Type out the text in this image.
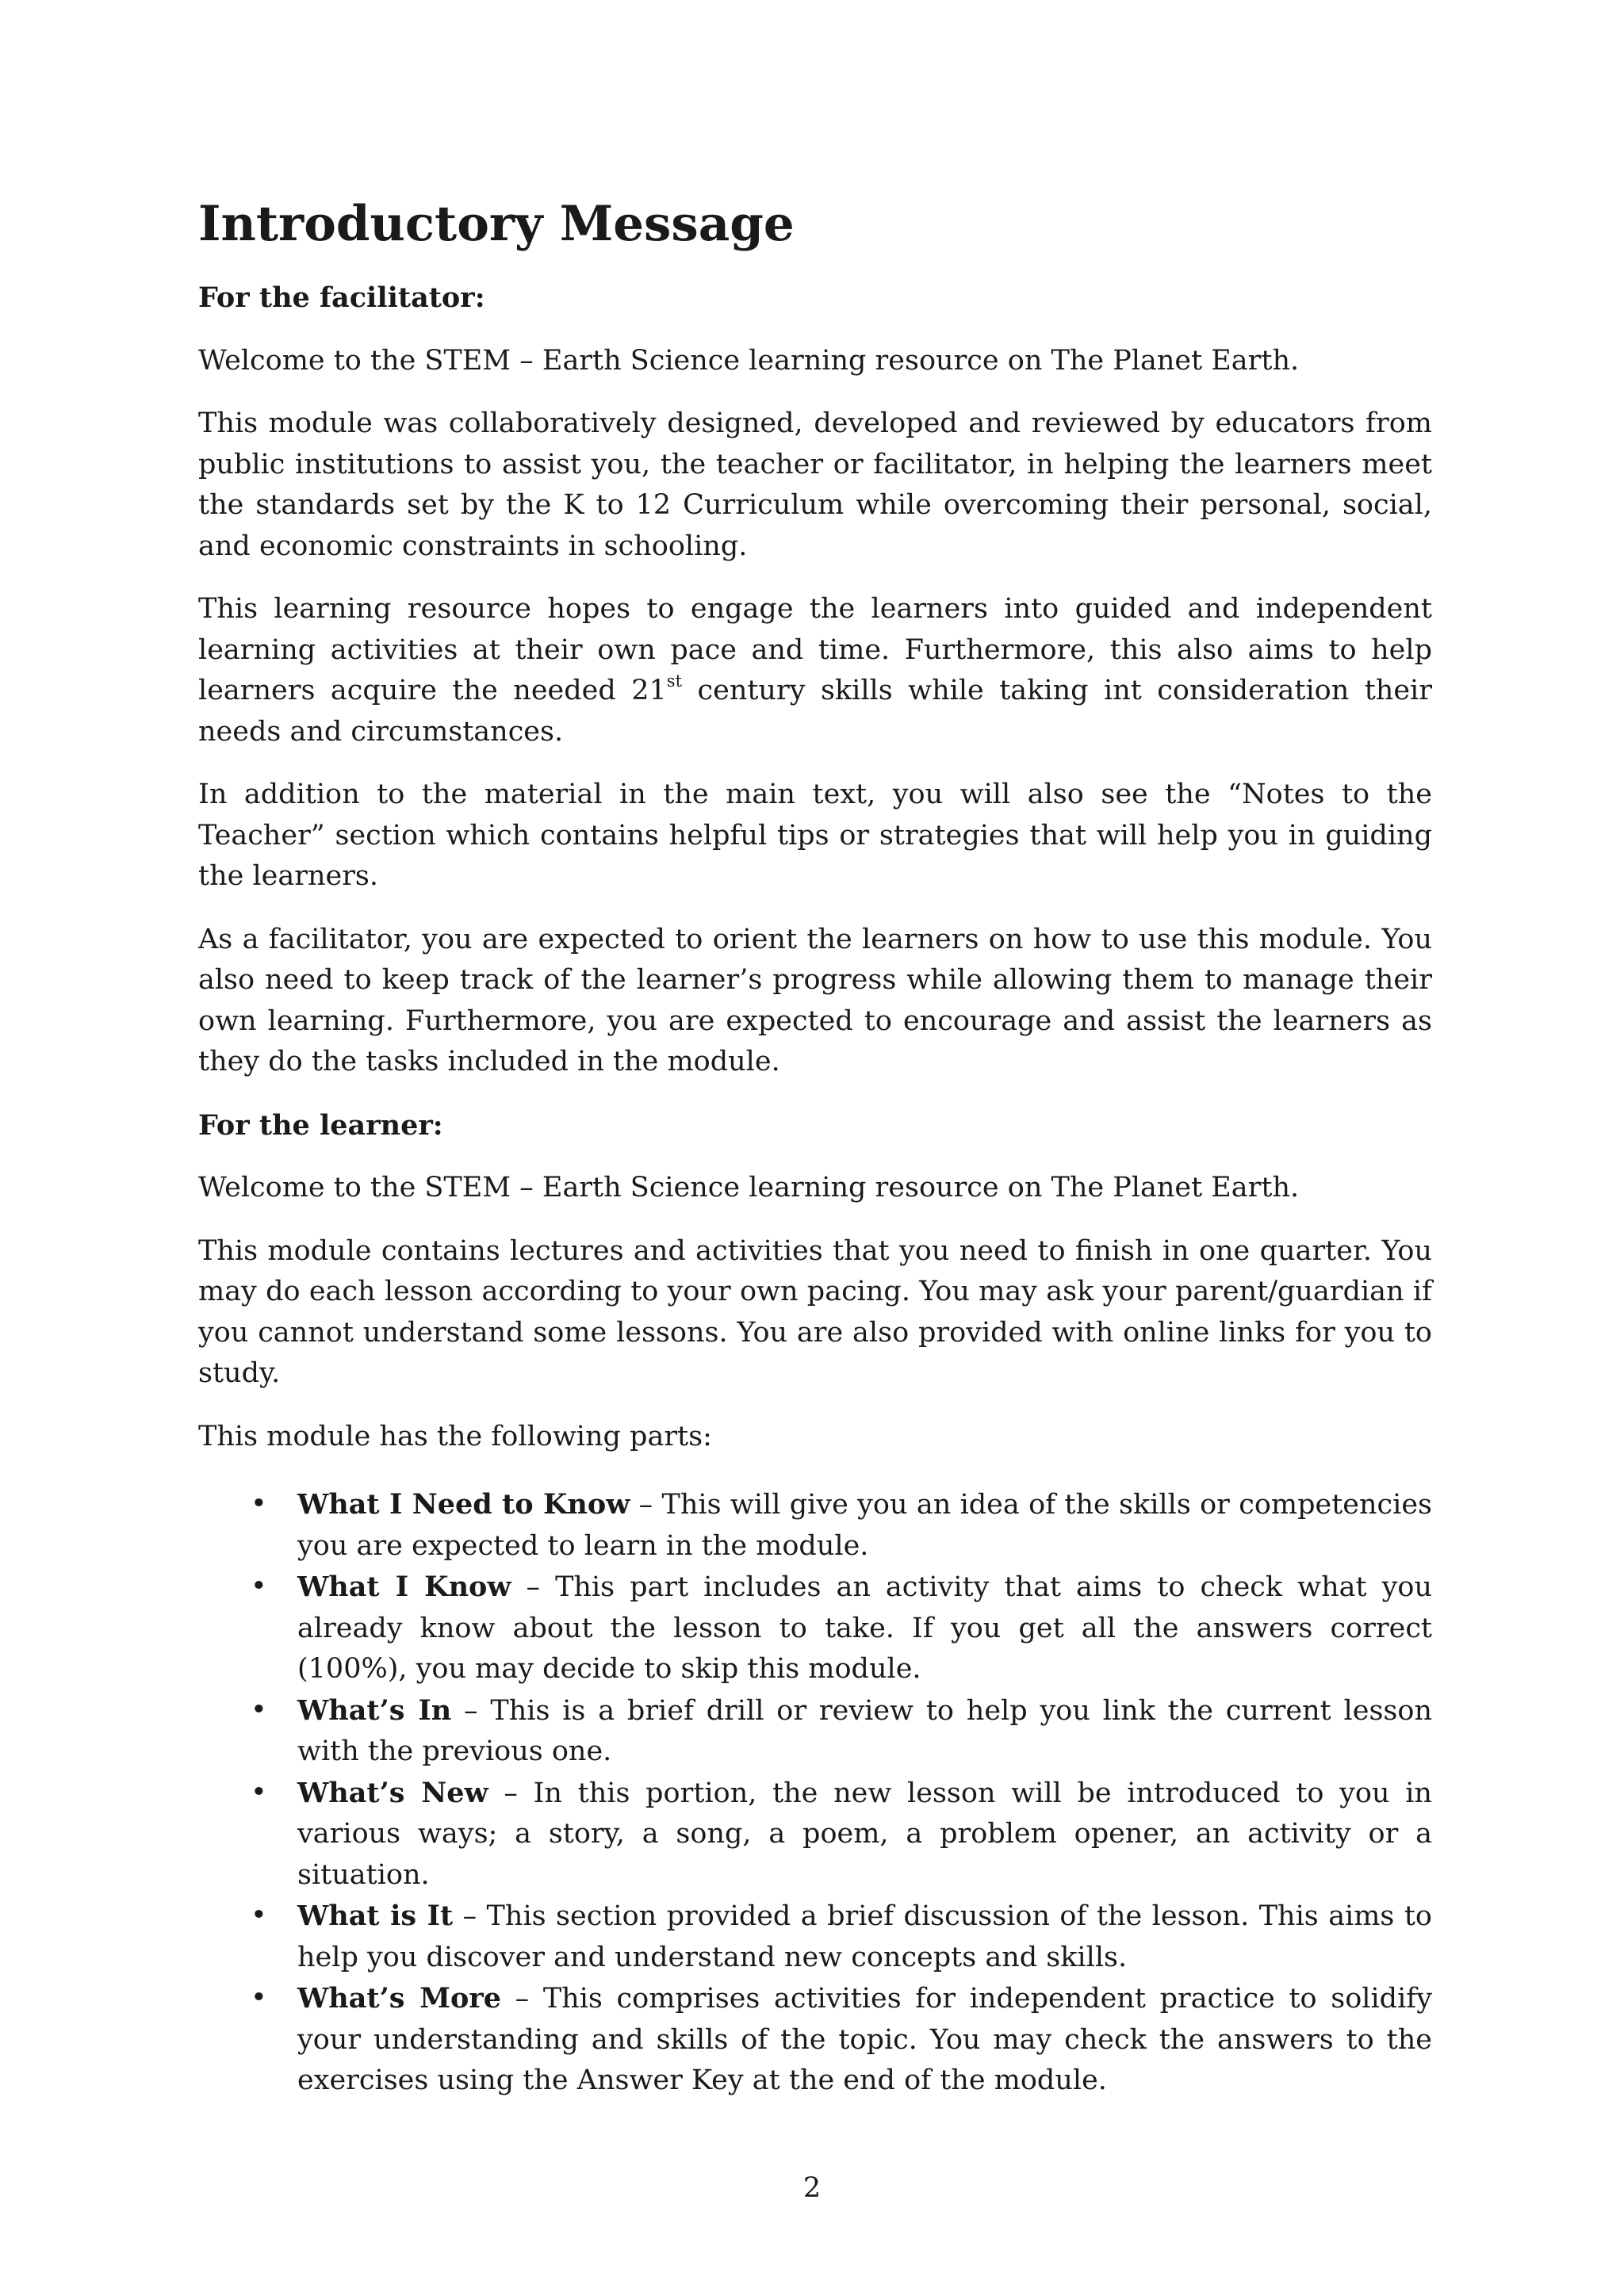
Introductory Message

For the facilitator:

Welcome to the STEM – Earth Science learning resource on The Planet Earth.

This module was collaboratively designed, developed and reviewed by educators from public institutions to assist you, the teacher or facilitator, in helping the learners meet the standards set by the K to 12 Curriculum while overcoming their personal, social, and economic constraints in schooling.

This learning resource hopes to engage the learners into guided and independent learning activities at their own pace and time. Furthermore, this also aims to help learners acquire the needed 21st century skills while taking int consideration their needs and circumstances.

In addition to the material in the main text, you will also see the “Notes to the Teacher” section which contains helpful tips or strategies that will help you in guiding the learners.

As a facilitator, you are expected to orient the learners on how to use this module. You also need to keep track of the learner’s progress while allowing them to manage their own learning. Furthermore, you are expected to encourage and assist the learners as they do the tasks included in the module.

For the learner:

Welcome to the STEM – Earth Science learning resource on The Planet Earth.

This module contains lectures and activities that you need to finish in one quarter. You may do each lesson according to your own pacing. You may ask your parent/guardian if you cannot understand some lessons. You are also provided with online links for you to study.

This module has the following parts:

• What I Need to Know – This will give you an idea of the skills or competencies you are expected to learn in the module.
• What I Know – This part includes an activity that aims to check what you already know about the lesson to take. If you get all the answers correct (100%), you may decide to skip this module.
• What’s In – This is a brief drill or review to help you link the current lesson with the previous one.
• What’s New – In this portion, the new lesson will be introduced to you in various ways; a story, a song, a poem, a problem opener, an activity or a situation.
• What is It – This section provided a brief discussion of the lesson. This aims to help you discover and understand new concepts and skills.
• What’s More – This comprises activities for independent practice to solidify your understanding and skills of the topic. You may check the answers to the exercises using the Answer Key at the end of the module.
2
